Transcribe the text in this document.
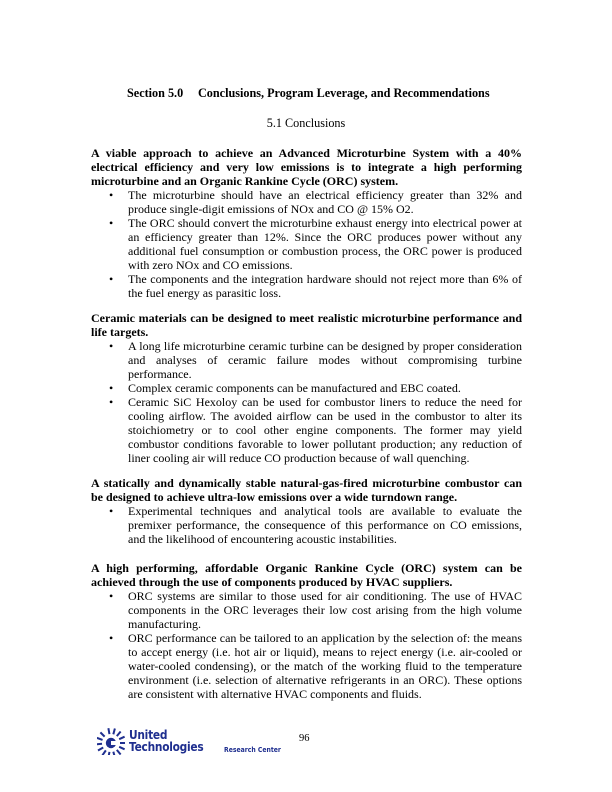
Section 5.0 Conclusions, Program Leverage, and Recommendations
5.1 Conclusions
A viable approach to achieve an Advanced Microturbine System with a 40% electrical efficiency and very low emissions is to integrate a high performing microturbine and an Organic Rankine Cycle (ORC) system.
• The microturbine should have an electrical efficiency greater than 32% and produce single-digit emissions of NOx and CO @ 15% O2.
• The ORC should convert the microturbine exhaust energy into electrical power at an efficiency greater than 12%. Since the ORC produces power without any additional fuel consumption or combustion process, the ORC power is produced with zero NOx and CO emissions.
• The components and the integration hardware should not reject more than 6% of the fuel energy as parasitic loss.
Ceramic materials can be designed to meet realistic microturbine performance and life targets.
• A long life microturbine ceramic turbine can be designed by proper consideration and analyses of ceramic failure modes without compromising turbine performance.
• Complex ceramic components can be manufactured and EBC coated.
• Ceramic SiC Hexoloy can be used for combustor liners to reduce the need for cooling airflow. The avoided airflow can be used in the combustor to alter its stoichiometry or to cool other engine components. The former may yield combustor conditions favorable to lower pollutant production; any reduction of liner cooling air will reduce CO production because of wall quenching.
A statically and dynamically stable natural-gas-fired microturbine combustor can be designed to achieve ultra-low emissions over a wide turndown range.
• Experimental techniques and analytical tools are available to evaluate the premixer performance, the consequence of this performance on CO emissions, and the likelihood of encountering acoustic instabilities.
A high performing, affordable Organic Rankine Cycle (ORC) system can be achieved through the use of components produced by HVAC suppliers.
• ORC systems are similar to those used for air conditioning. The use of HVAC components in the ORC leverages their low cost arising from the high volume manufacturing.
• ORC performance can be tailored to an application by the selection of: the means to accept energy (i.e. hot air or liquid), means to reject energy (i.e. air-cooled or water-cooled condensing), or the match of the working fluid to the temperature environment (i.e. selection of alternative refrigerants in an ORC). These options are consistent with alternative HVAC components and fluids.
United
Technologies	Research Center
96
